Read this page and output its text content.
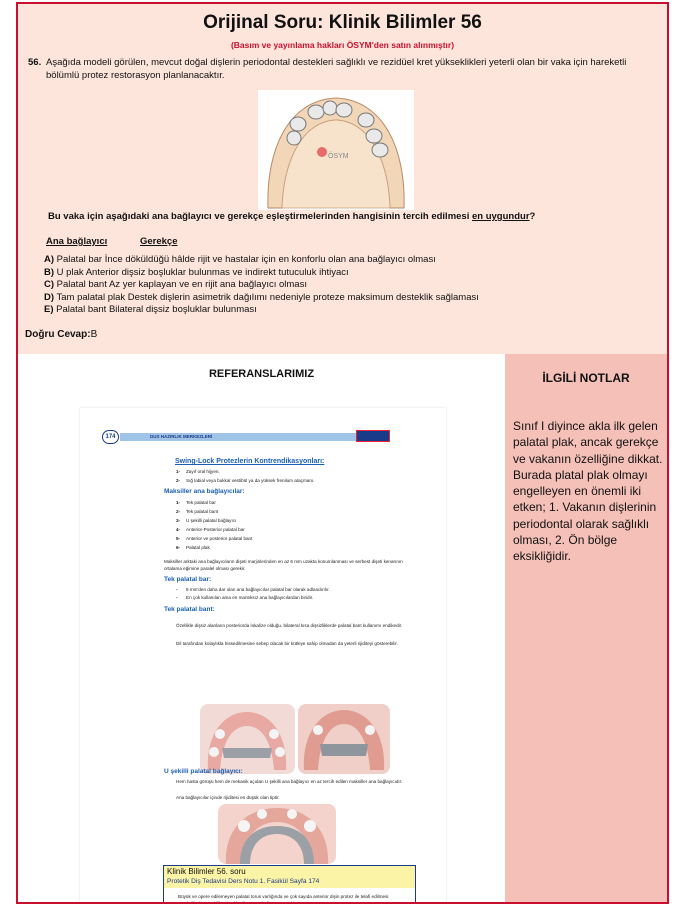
Orijinal Soru: Klinik Bilimler 56
(Basım ve yayınlama hakları ÖSYM'den satın alınmıştır)
56. Aşağıda modeli görülen, mevcut doğal dişlerin periodontal destekleri sağlıklı ve rezidüel kret yükseklikleri yeterli olan bir vaka için hareketli bölümlü protez restorasyon planlanacaktır.
ÖSYM
Bu vaka için aşağıdaki ana bağlayıcı ve gerekçe eşleştirmelerinden hangisinin tercih edilmesi en uygundur?
Ana bağlayıcı	Gerekçe
A) Palatal bar İnce döküldüğü hâlde rijit ve hastalar için en konforlu olan ana bağlayıcı olması
B) U plak Anterior dişsiz boşluklar bulunmas ve indirekt tutuculuk ihtiyacı
C) Palatal bant Az yer kaplayan ve en rijit ana bağlayıcı olması
D) Tam palatal plak Destek dişlerin asimetrik dağılımı nedeniyle proteze maksimum desteklik sağlaması
E) Palatal bant Bilateral dişsiz boşluklar bulunması
Doğru Cevap:B
REFERANSLARIMIZ
174	DUS HAZIRLIK MERKEZLERİ
Swing-Lock Protezlerin Kontrendikasyonları:
1- Zayıf oral hijyen.
2- Sığ labial veya bukkal vestibül ya da yüksek frenilum ataçmanı.
Maksiller ana bağlayıcılar:
1- Tek palatal bar
2- Tek palatal bant
3- U şekilli palatal bağlayıcı
4- Anterior-Posterior palatal bar
5- Anterior ve posterior palatal bant
6- Palatal plak
Maksiller arktaki ana bağlayıcıların dişeti marjinlerinden en az 6 mm uzakta konumlanması ve serbest dişeti kenarının ortalama eğimine paralel olması gerekir.
Tek palatal bar:
- 8 mm'den daha dar olan ana bağlayıcılar palatal bar olarak adlandırılır.
- En çok kullanılan ama en mantıksız ana bağlayıcılardan biridir.
Tek palatal bant:
Özellikle dişsiz alanların posteriorda lokalize olduğu, bilateral kısa dişsizliklerde palatal bant kullanımı endikedir.
Dil tarafından kolaylıkla hissedilmesine sebep olacak bir kütleye sahip olmadan da yeterli rijiditeyi gösterebilir.
U şekilli palatal bağlayıcı:
Hem hasta görüşü hem de mekanik açıdan U şekilli ana bağlayıcı en az tercih edilen maksiller ana bağlayıcıdır.
Ana bağlayıcılar içinde rijiditesi en düşük olan tiptir.
Klinik Bilimler 56. soru
Protetik Diş Tedavisi Ders Notu 1. Fasikül Sayfa 174
Büyük ve opere edilemeyen palatal torus varlığında ve çok sayıda anterior dişin protez ile telafi edilmesi gerektiğinde U şekilli palatal bağlayıcının kullanımı gerekir.
İLGİLİ NOTLAR
Sınıf I diyince akla ilk gelen palatal plak, ancak gerekçe ve vakanın özelliğine dikkat. Burada platal plak olmayı engelleyen en önemli iki etken; 1. Vakanın dişlerinin periodontal olarak sağlıklı olması, 2. Ön bölge eksikliğidir.
